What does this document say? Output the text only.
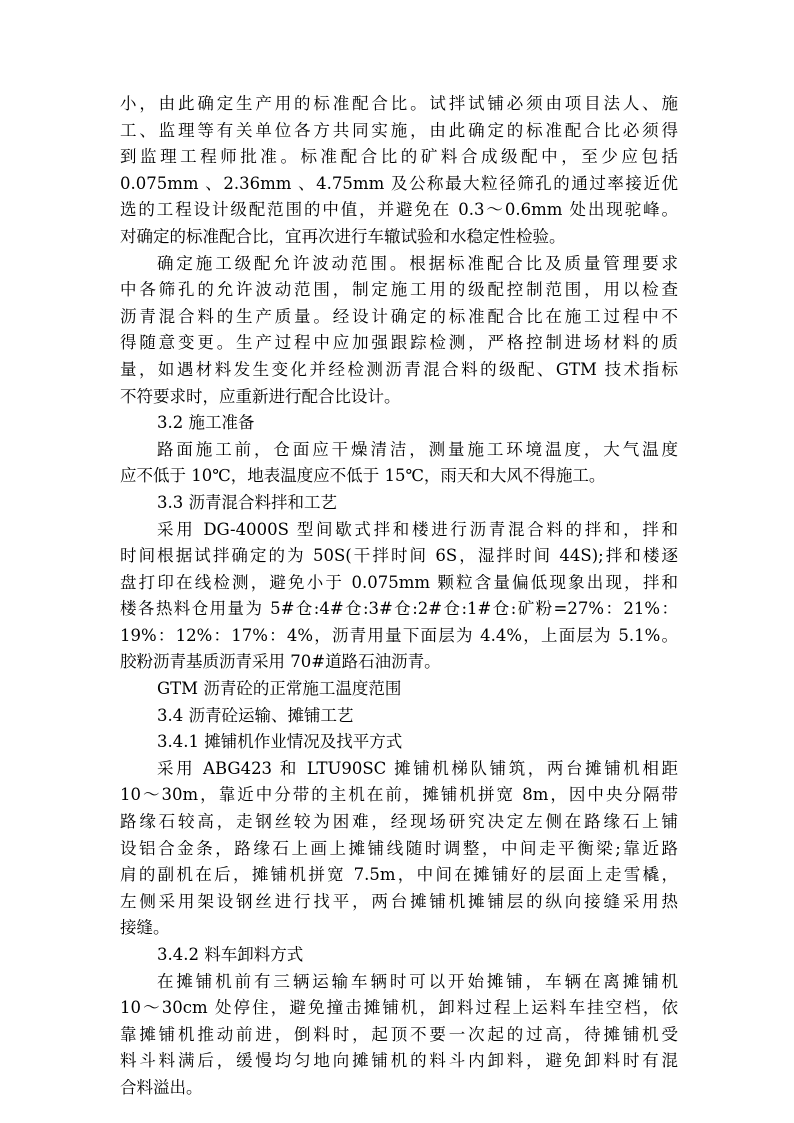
小，由此确定生产用的标准配合比。试拌试铺必须由项目法人、施
工、监理等有关单位各方共同实施，由此确定的标准配合比必须得
到监理工程师批准。标准配合比的矿料合成级配中，至少应包括
0.075mm 、2.36mm 、4.75mm 及公称最大粒径筛孔的通过率接近优
选的工程设计级配范围的中值，并避免在 0.3～0.6mm 处出现驼峰。
对确定的标准配合比，宜再次进行车辙试验和水稳定性检验。
确定施工级配允许波动范围。根据标准配合比及质量管理要求
中各筛孔的允许波动范围，制定施工用的级配控制范围，用以检查
沥青混合料的生产质量。经设计确定的标准配合比在施工过程中不
得随意变更。生产过程中应加强跟踪检测，严格控制进场材料的质
量，如遇材料发生变化并经检测沥青混合料的级配、GTM 技术指标
不符要求时，应重新进行配合比设计。
3.2 施工准备
路面施工前，仓面应干燥清洁，测量施工环境温度，大气温度
应不低于 10℃，地表温度应不低于 15℃，雨天和大风不得施工。
3.3 沥青混合料拌和工艺
采用 DG-4000S 型间歇式拌和楼进行沥青混合料的拌和，拌和
时间根据试拌确定的为 50S(干拌时间 6S，湿拌时间 44S);拌和楼逐
盘打印在线检测，避免小于 0.075mm 颗粒含量偏低现象出现，拌和
楼各热料仓用量为 5#仓:4#仓:3#仓:2#仓:1#仓:矿粉=27%：21%：
19%：12%：17%：4%，沥青用量下面层为 4.4%，上面层为 5.1%。
胶粉沥青基质沥青采用 70#道路石油沥青。
GTM 沥青砼的正常施工温度范围
3.4 沥青砼运输、摊铺工艺
3.4.1 摊铺机作业情况及找平方式
采用 ABG423 和 LTU90SC 摊铺机梯队铺筑，两台摊铺机相距
10～30m，靠近中分带的主机在前，摊铺机拼宽 8m，因中央分隔带
路缘石较高，走钢丝较为困难，经现场研究决定左侧在路缘石上铺
设铝合金条，路缘石上画上摊铺线随时调整，中间走平衡梁;靠近路
肩的副机在后，摊铺机拼宽 7.5m，中间在摊铺好的层面上走雪橇，
左侧采用架设钢丝进行找平，两台摊铺机摊铺层的纵向接缝采用热
接缝。
3.4.2 料车卸料方式
在摊铺机前有三辆运输车辆时可以开始摊铺，车辆在离摊铺机
10～30cm 处停住，避免撞击摊铺机，卸料过程上运料车挂空档，依
靠摊铺机推动前进，倒料时，起顶不要一次起的过高，待摊铺机受
料斗料满后，缓慢均匀地向摊铺机的料斗内卸料，避免卸料时有混
合料溢出。
